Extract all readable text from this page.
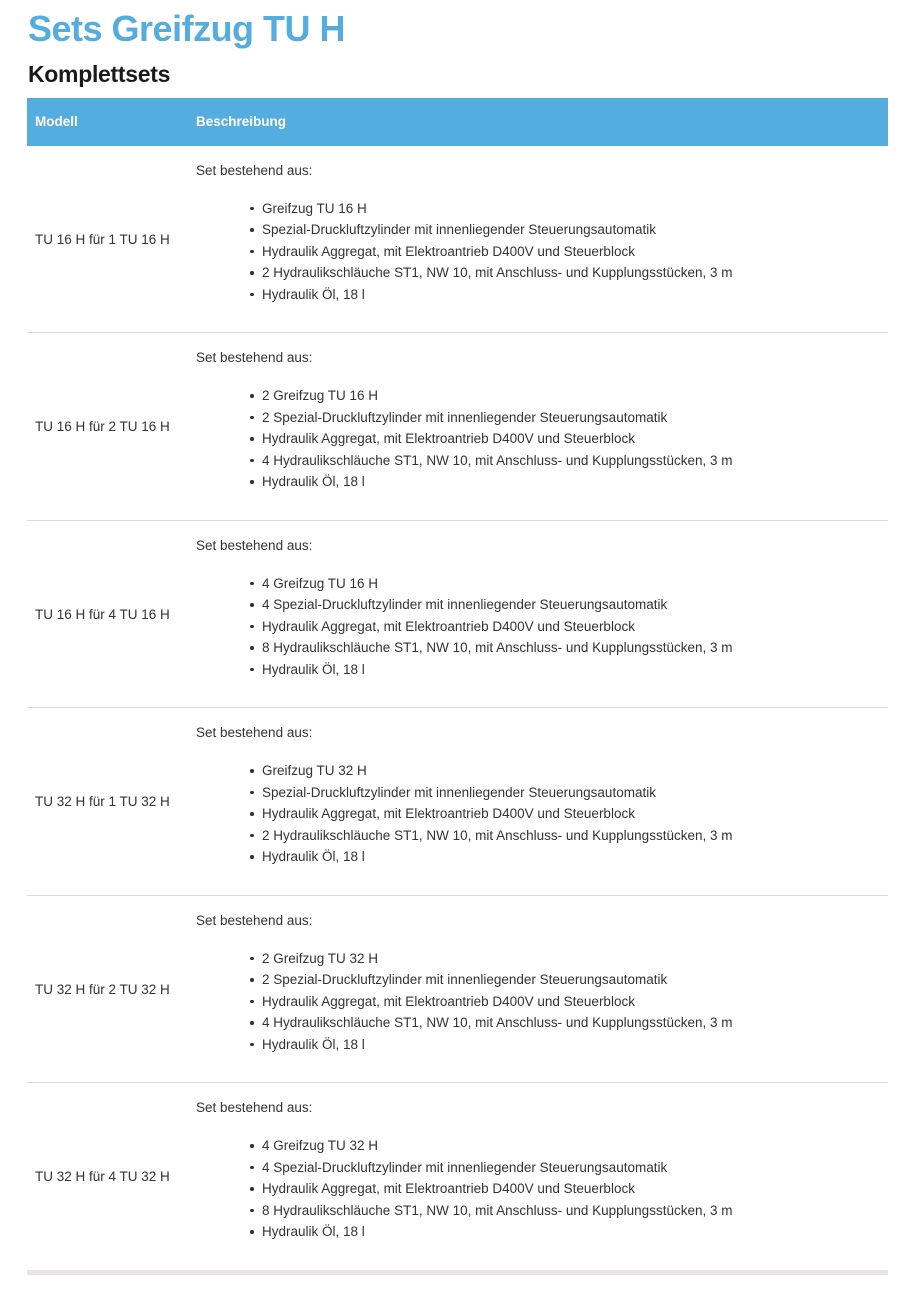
Sets Greifzug TU H
Komplettsets
Modell	Beschreibung
TU 16 H für 1 TU 16 H
Set bestehend aus:
Greifzug TU 16 H
Spezial-Druckluftzylinder mit innenliegender Steuerungsautomatik
Hydraulik Aggregat, mit Elektroantrieb D400V und Steuerblock
2 Hydraulikschläuche ST1, NW 10, mit Anschluss- und Kupplungsstücken, 3 m
Hydraulik Öl, 18 l
TU 16 H für 2 TU 16 H
Set bestehend aus:
2 Greifzug TU 16 H
2 Spezial-Druckluftzylinder mit innenliegender Steuerungsautomatik
Hydraulik Aggregat, mit Elektroantrieb D400V und Steuerblock
4 Hydraulikschläuche ST1, NW 10, mit Anschluss- und Kupplungsstücken, 3 m
Hydraulik Öl, 18 l
TU 16 H für 4 TU 16 H
Set bestehend aus:
4 Greifzug TU 16 H
4 Spezial-Druckluftzylinder mit innenliegender Steuerungsautomatik
Hydraulik Aggregat, mit Elektroantrieb D400V und Steuerblock
8 Hydraulikschläuche ST1, NW 10, mit Anschluss- und Kupplungsstücken, 3 m
Hydraulik Öl, 18 l
TU 32 H für 1 TU 32 H
Set bestehend aus:
Greifzug TU 32 H
Spezial-Druckluftzylinder mit innenliegender Steuerungsautomatik
Hydraulik Aggregat, mit Elektroantrieb D400V und Steuerblock
2 Hydraulikschläuche ST1, NW 10, mit Anschluss- und Kupplungsstücken, 3 m
Hydraulik Öl, 18 l
TU 32 H für 2 TU 32 H
Set bestehend aus:
2 Greifzug TU 32 H
2 Spezial-Druckluftzylinder mit innenliegender Steuerungsautomatik
Hydraulik Aggregat, mit Elektroantrieb D400V und Steuerblock
4 Hydraulikschläuche ST1, NW 10, mit Anschluss- und Kupplungsstücken, 3 m
Hydraulik Öl, 18 l
TU 32 H für 4 TU 32 H
Set bestehend aus:
4 Greifzug TU 32 H
4 Spezial-Druckluftzylinder mit innenliegender Steuerungsautomatik
Hydraulik Aggregat, mit Elektroantrieb D400V und Steuerblock
8 Hydraulikschläuche ST1, NW 10, mit Anschluss- und Kupplungsstücken, 3 m
Hydraulik Öl, 18 l
